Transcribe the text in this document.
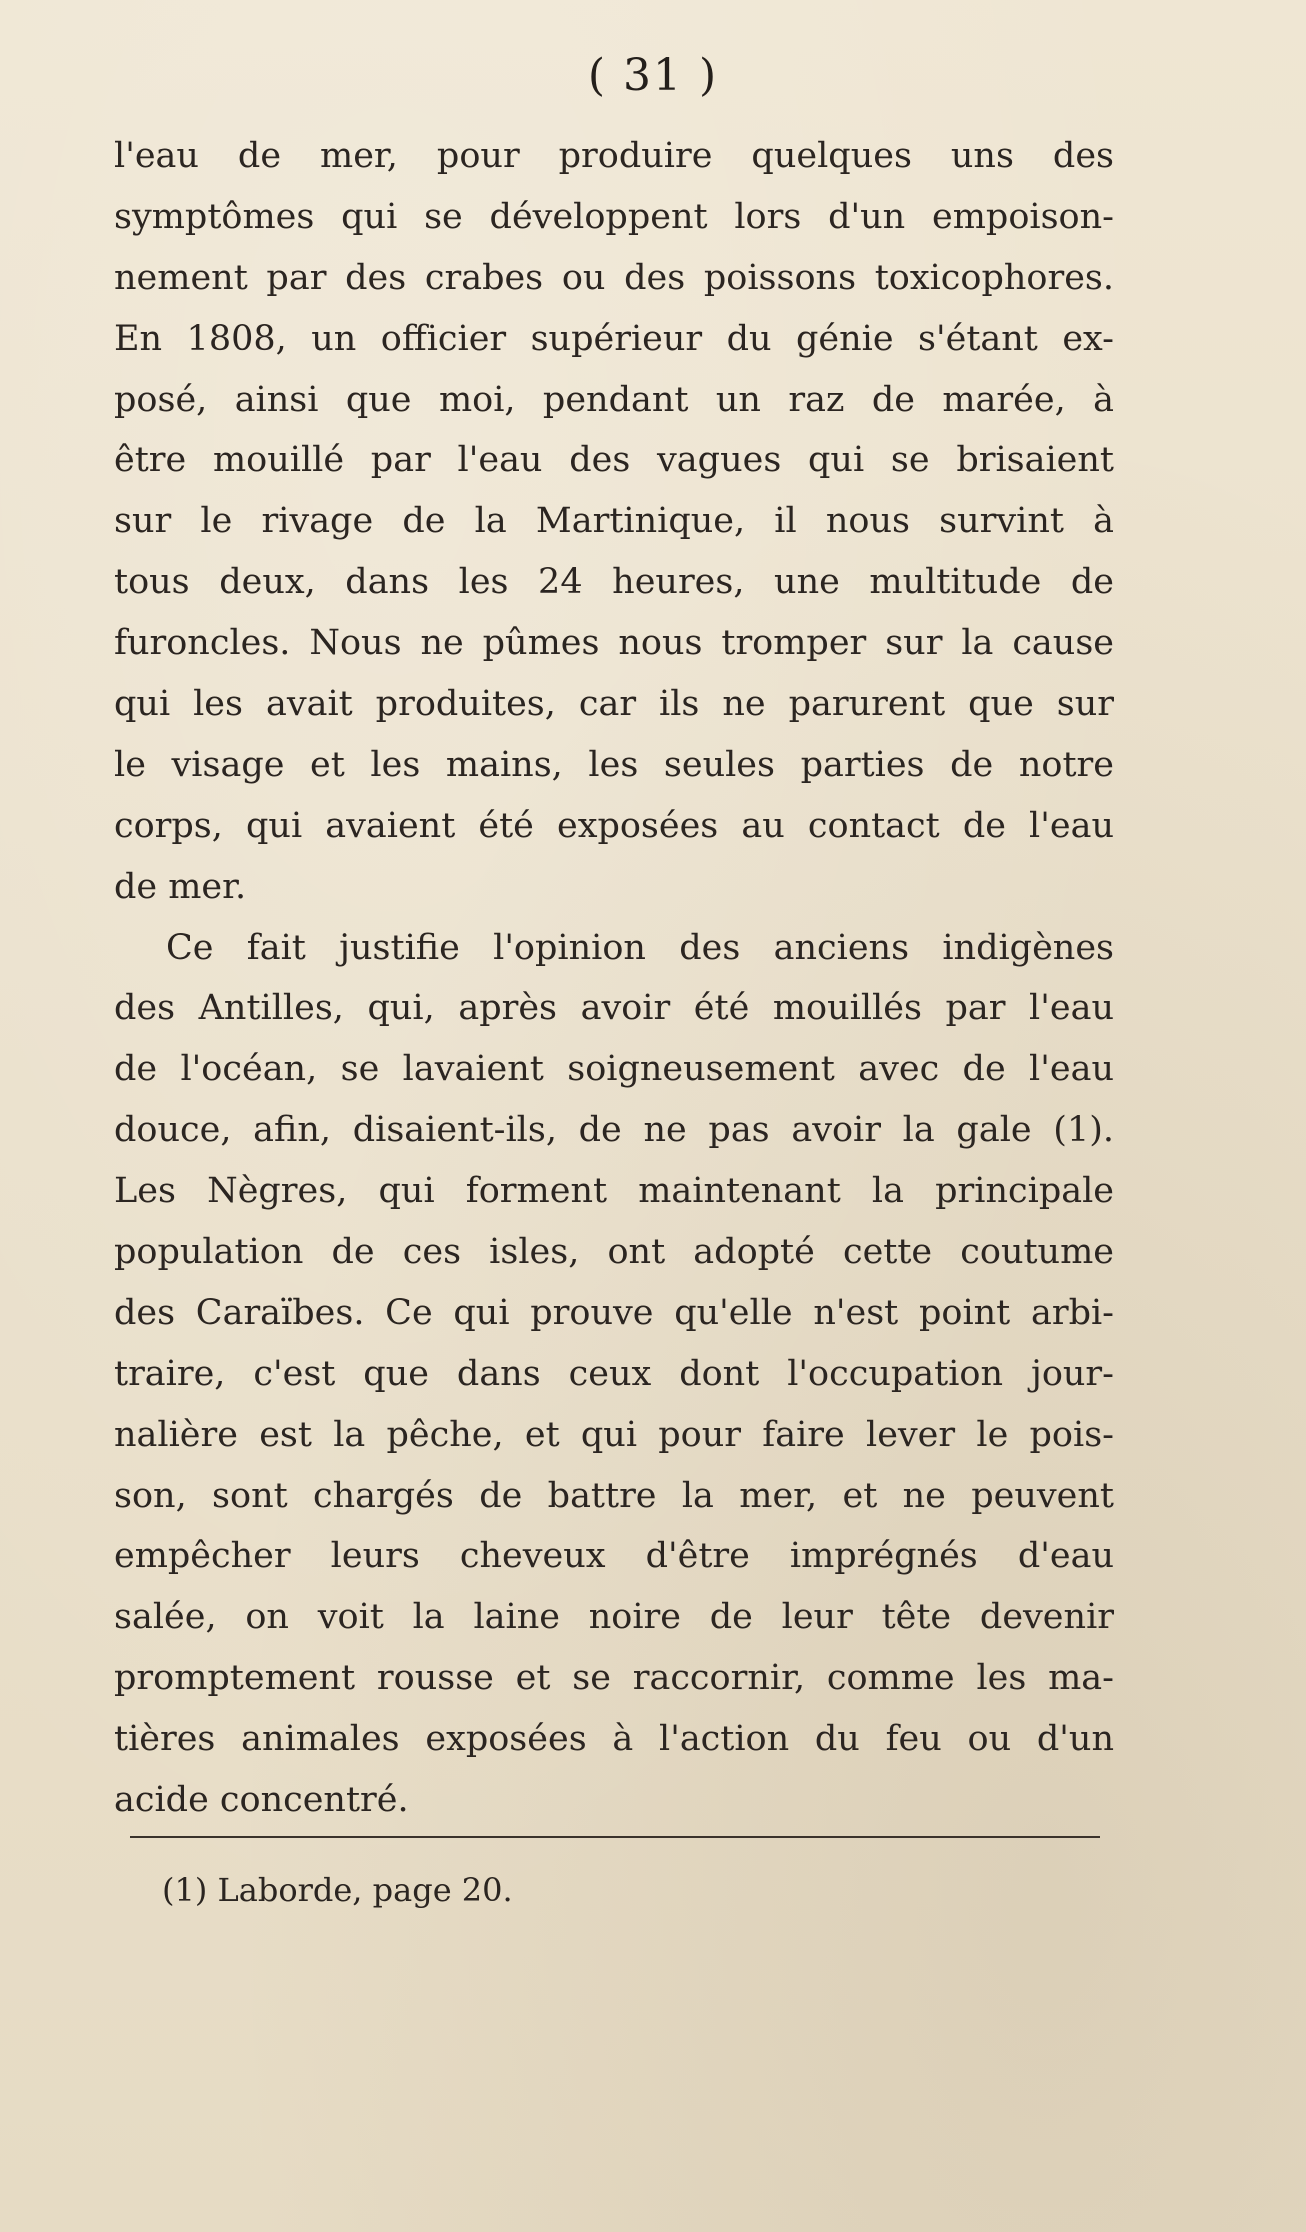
( 31 )
l'eau de mer, pour produire quelques uns des
symptômes qui se développent lors d'un empoison-
nement par des crabes ou des poissons toxicophores.
En 1808, un officier supérieur du génie s'étant ex-
posé, ainsi que moi, pendant un raz de marée, à
être mouillé par l'eau des vagues qui se brisaient
sur le rivage de la Martinique, il nous survint à
tous deux, dans les 24 heures, une multitude de
furoncles. Nous ne pûmes nous tromper sur la cause
qui les avait produites, car ils ne parurent que sur
le visage et les mains, les seules parties de notre
corps, qui avaient été exposées au contact de l'eau
de mer.
Ce fait justifie l'opinion des anciens indigènes
des Antilles, qui, après avoir été mouillés par l'eau
de l'océan, se lavaient soigneusement avec de l'eau
douce, afin, disaient-ils, de ne pas avoir la gale (1).
Les Nègres, qui forment maintenant la principale
population de ces isles, ont adopté cette coutume
des Caraïbes. Ce qui prouve qu'elle n'est point arbi-
traire, c'est que dans ceux dont l'occupation jour-
nalière est la pêche, et qui pour faire lever le pois-
son, sont chargés de battre la mer, et ne peuvent
empêcher leurs cheveux d'être imprégnés d'eau
salée, on voit la laine noire de leur tête devenir
promptement rousse et se raccornir, comme les ma-
tières animales exposées à l'action du feu ou d'un
acide concentré.
(1) Laborde, page 20.
